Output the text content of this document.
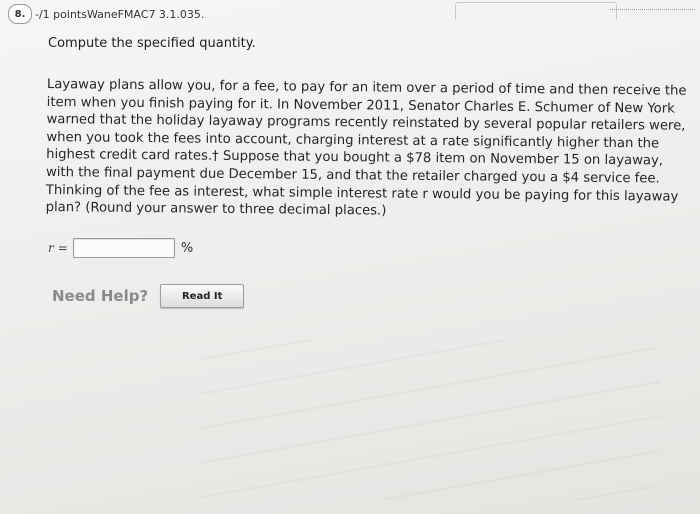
8. -/1 pointsWaneFMAC7 3.1.035.
Compute the specified quantity.

Layaway plans allow you, for a fee, to pay for an item over a period of time and then receive the item when you finish paying for it. In November 2011, Senator Charles E. Schumer of New York warned that the holiday layaway programs recently reinstated by several popular retailers were, when you took the fees into account, charging interest at a rate significantly higher than the highest credit card rates.† Suppose that you bought a $78 item on November 15 on layaway, with the final payment due December 15, and that the retailer charged you a $4 service fee. Thinking of the fee as interest, what simple interest rate r would you be paying for this layaway plan? (Round your answer to three decimal places.)

r =	%
Need Help?	Read It
